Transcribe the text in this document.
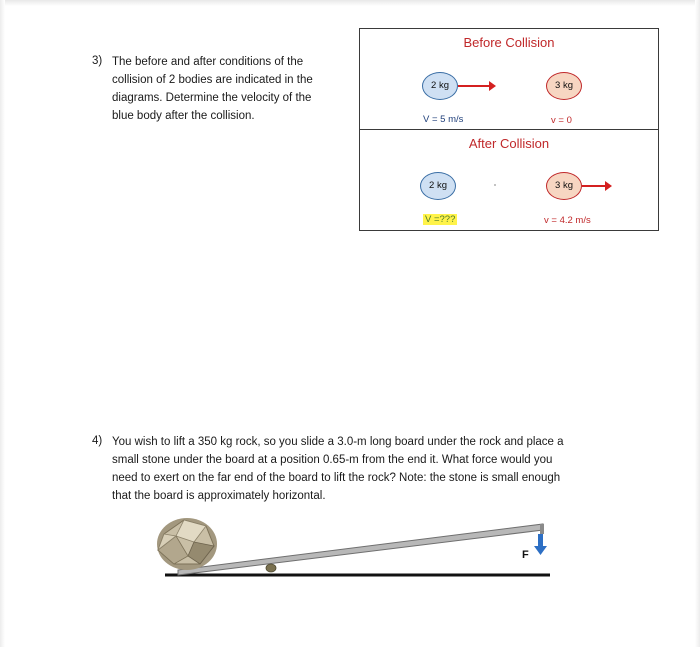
3) The before and after conditions of the
collision of 2 bodies are indicated in the
diagrams. Determine the velocity of the
blue body after the collision.
Before Collision
2 kg	3 kg
V = 5 m/s	v = 0
After Collision
2 kg	3 kg
V =???	v = 4.2 m/s
4) You wish to lift a 350 kg rock, so you slide a 3.0-m long board under the rock and place a
small stone under the board at a position 0.65-m from the end it. What force would you
need to exert on the far end of the board to lift the rock? Note: the stone is small enough
that the board is approximately horizontal.
F
